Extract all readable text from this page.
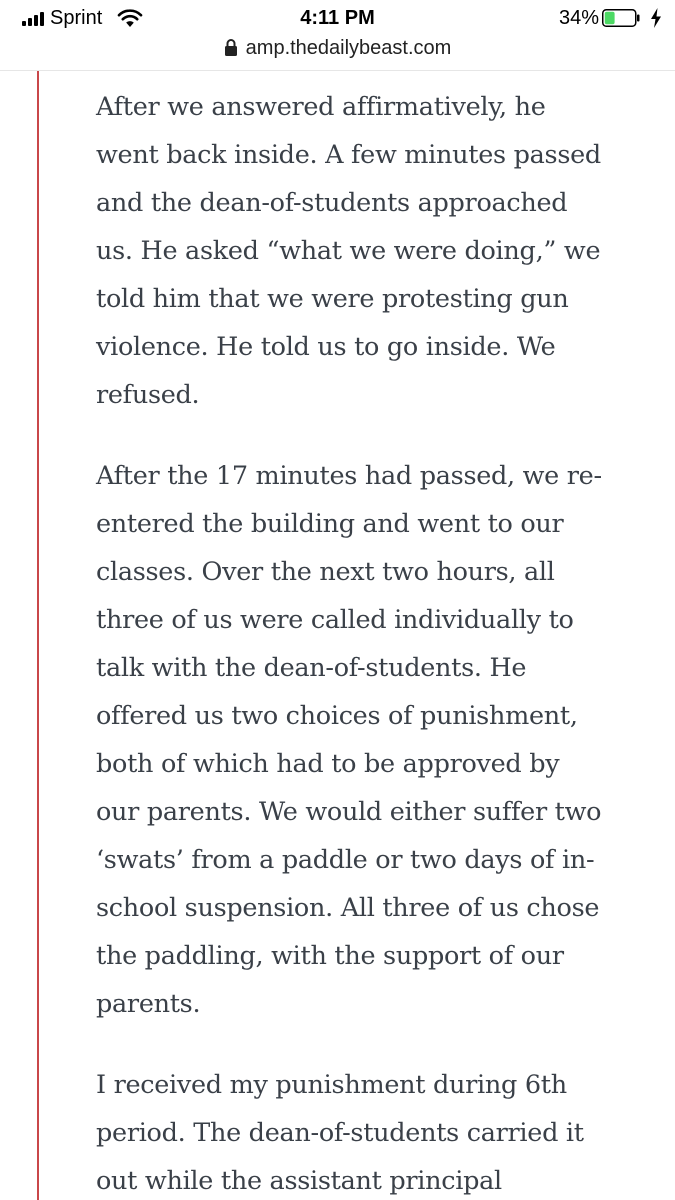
Sprint	4:11 PM	34%
amp.thedailybeast.com

After we answered affirmatively, he
went back inside. A few minutes passed
and the dean-of-students approached
us. He asked “what we were doing,” we
told him that we were protesting gun
violence. He told us to go inside. We
refused.

After the 17 minutes had passed, we re-
entered the building and went to our
classes. Over the next two hours, all
three of us were called individually to
talk with the dean-of-students. He
offered us two choices of punishment,
both of which had to be approved by
our parents. We would either suffer two
‘swats’ from a paddle or two days of in-
school suspension. All three of us chose
the paddling, with the support of our
parents.

I received my punishment during 6th
period. The dean-of-students carried it
out while the assistant principal
